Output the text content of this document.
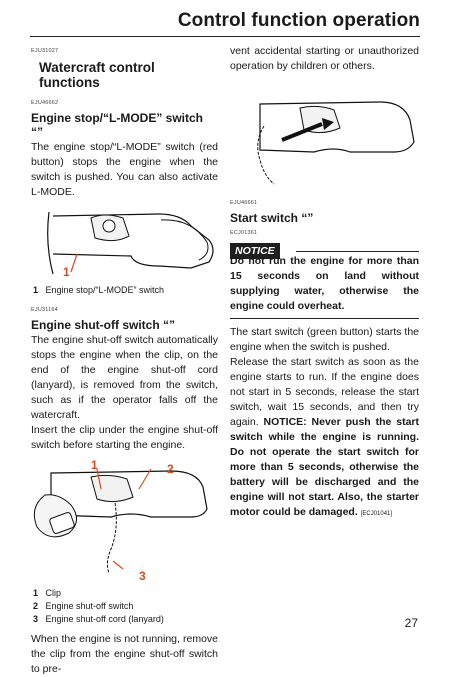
Control function operation
EJU31027
Watercraft control functions
EJU46662
Engine stop/“L-MODE” switch “”

The engine stop/“L-MODE” switch (red button) stops the engine when the switch is pushed. You can also activate L-MODE.

1
1 Engine stop/“L-MODE” switch
EJU31164
Engine shut-off switch “”

The engine shut-off switch automatically stops the engine when the clip, on the end of the engine shut-off cord (lanyard), is removed from the switch, such as if the operator falls off the watercraft.

Insert the clip under the engine shut-off switch before starting the engine.

1	2
3
1 Clip
2 Engine shut-off switch
3 Engine shut-off cord (lanyard)

When the engine is not running, remove the clip from the engine shut-off switch to pre-

vent accidental starting or unauthorized operation by children or others.

EJU46661
Start switch “”
ECJ01361
NOTICE

Do not run the engine for more than 15 seconds on land without supplying water, otherwise the engine could overheat.

The start switch (green button) starts the engine when the switch is pushed.

Release the start switch as soon as the engine starts to run. If the engine does not start in 5 seconds, release the start switch, wait 15 seconds, and then try again. NOTICE: Never push the start switch while the engine is running. Do not operate the start switch for more than 5 seconds, otherwise the battery will be discharged and the engine will not start. Also, the starter motor could be damaged. [ECJ01041]

27
